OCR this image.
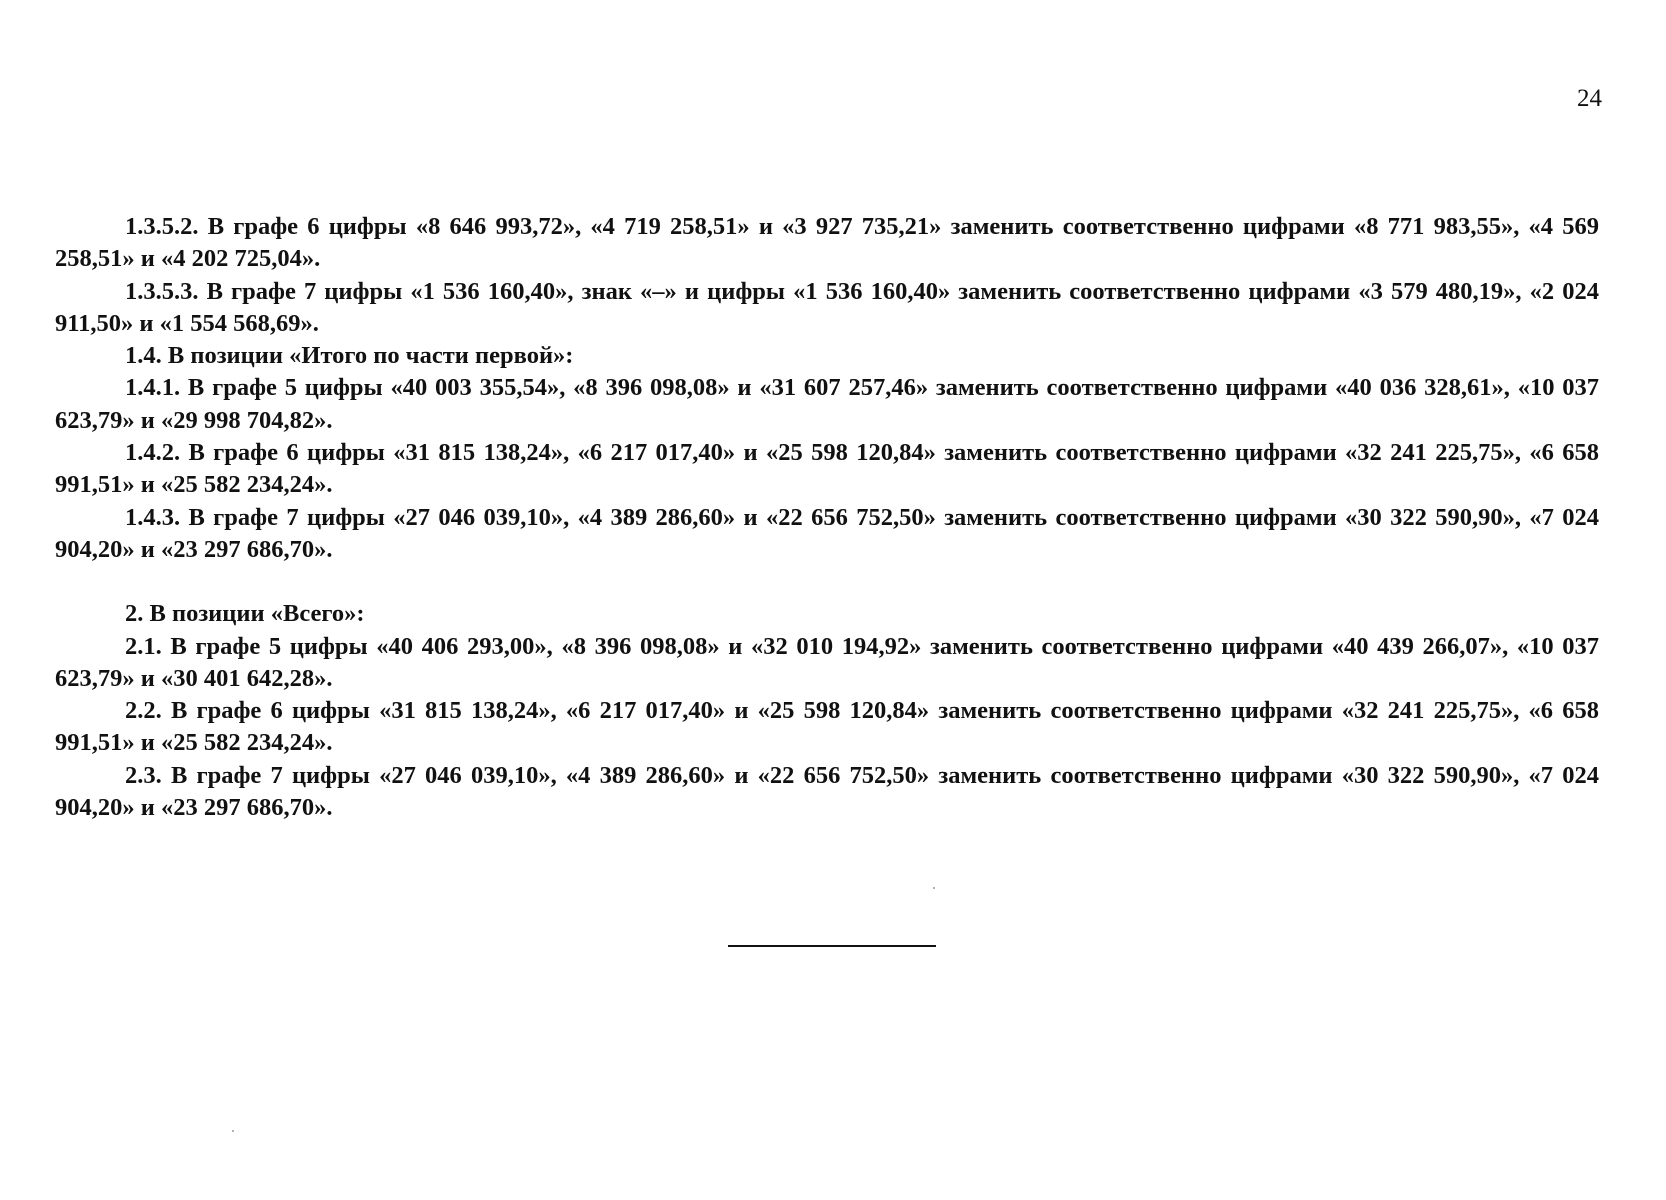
24

1.3.5.2. В графе 6 цифры «8 646 993,72», «4 719 258,51» и «3 927 735,21» заменить соответственно цифрами «8 771 983,55», «4 569 258,51» и «4 202 725,04».

1.3.5.3. В графе 7 цифры «1 536 160,40», знак «–» и цифры «1 536 160,40» заменить соответственно цифрами «3 579 480,19», «2 024 911,50» и «1 554 568,69».

1.4. В позиции «Итого по части первой»:

1.4.1. В графе 5 цифры «40 003 355,54», «8 396 098,08» и «31 607 257,46» заменить соответственно цифрами «40 036 328,61», «10 037 623,79» и «29 998 704,82».

1.4.2. В графе 6 цифры «31 815 138,24», «6 217 017,40» и «25 598 120,84» заменить соответственно цифрами «32 241 225,75», «6 658 991,51» и «25 582 234,24».

1.4.3. В графе 7 цифры «27 046 039,10», «4 389 286,60» и «22 656 752,50» заменить соответственно цифрами «30 322 590,90», «7 024 904,20» и «23 297 686,70».

2. В позиции «Всего»:

2.1. В графе 5 цифры «40 406 293,00», «8 396 098,08» и «32 010 194,92» заменить соответственно цифрами «40 439 266,07», «10 037 623,79» и «30 401 642,28».

2.2. В графе 6 цифры «31 815 138,24», «6 217 017,40» и «25 598 120,84» заменить соответственно цифрами «32 241 225,75», «6 658 991,51» и «25 582 234,24».

2.3. В графе 7 цифры «27 046 039,10», «4 389 286,60» и «22 656 752,50» заменить соответственно цифрами «30 322 590,90», «7 024 904,20» и «23 297 686,70».
